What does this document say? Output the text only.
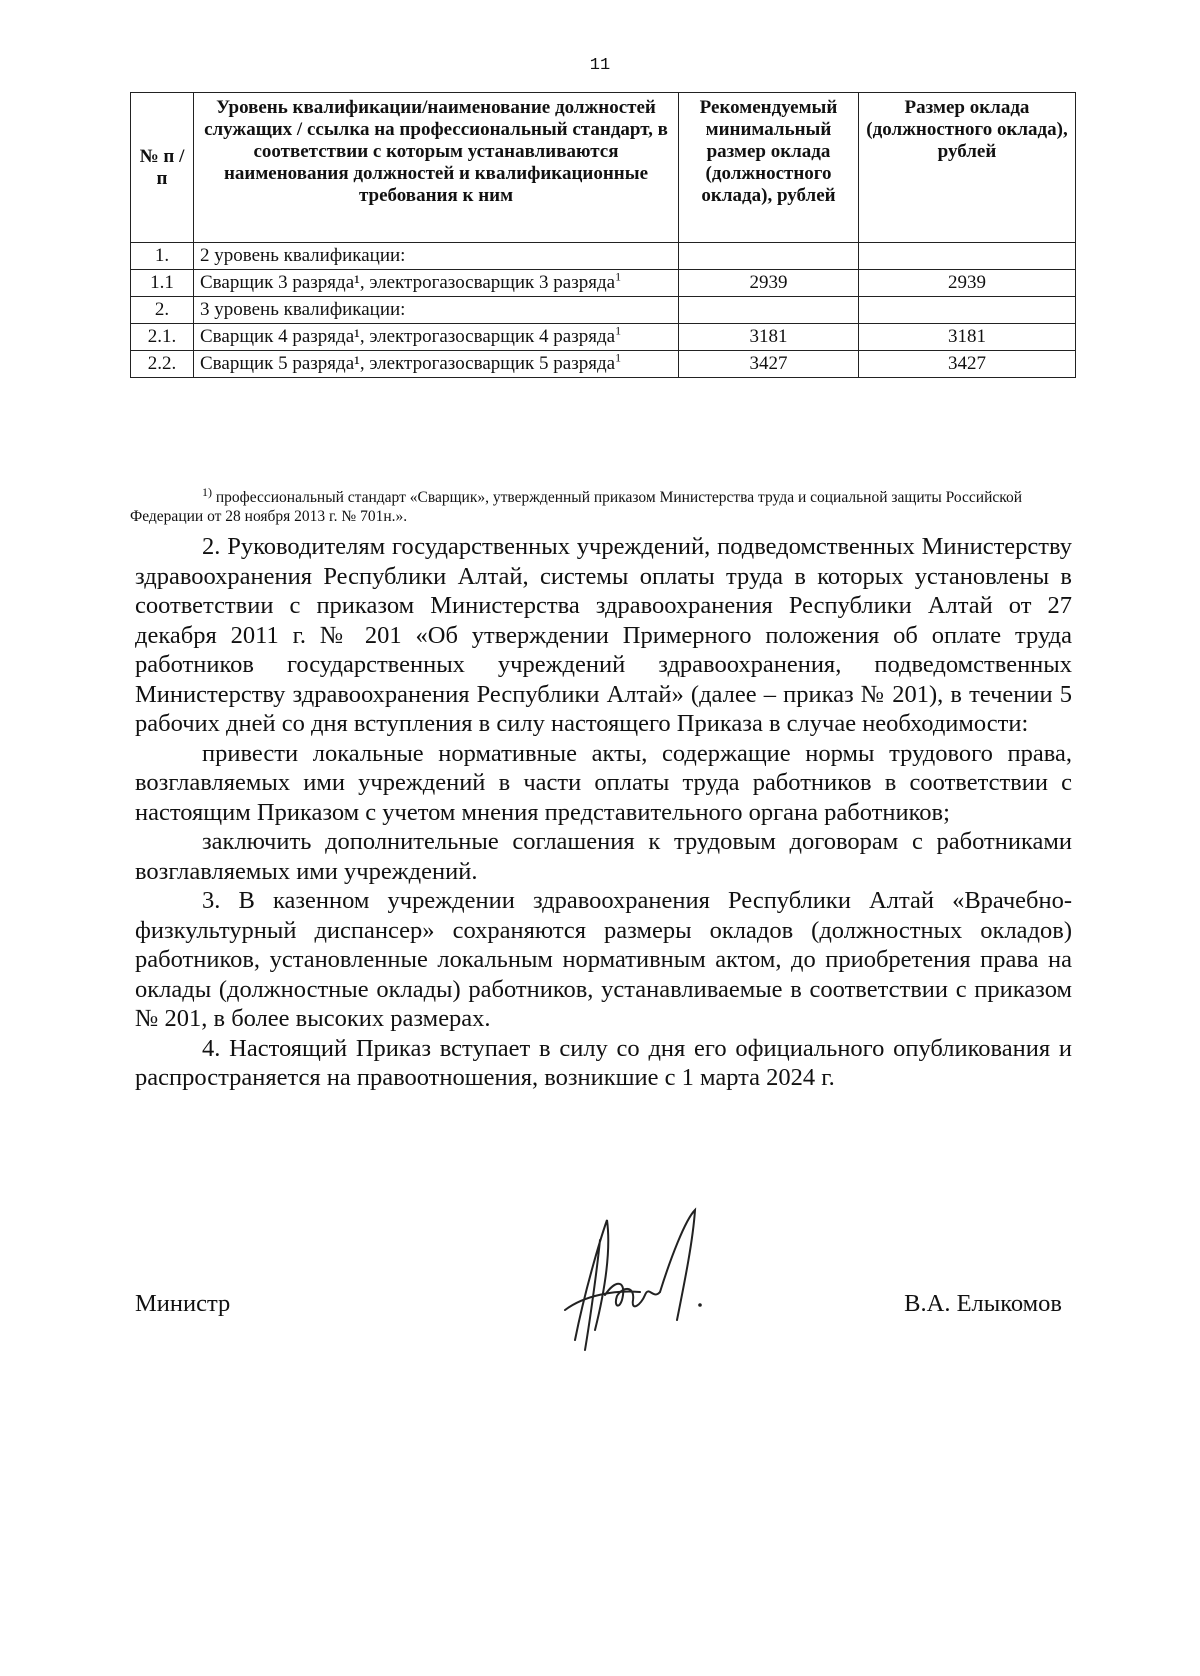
11
№ п /п	Уровень квалификации/наименование должностей служащих / ссылка на профессиональный стандарт, в соответствии с которым устанавливаются наименования должностей и квалификационные требования к ним	Рекомендуемый минимальный размер оклада (должностного оклада), рублей	Размер оклада (должностного оклада), рублей
1.	2 уровень квалификации:		
1.1	Сварщик 3 разряда¹, электрогазосварщик 3 разряда$^1$	2939	2939
2.	3 уровень квалификации:		
2.1.	Сварщик 4 разряда¹, электрогазосварщик 4 разряда$^1$	3181	3181
2.2.	Сварщик 5 разряда¹, электрогазосварщик 5 разряда$^1$	3427	3427
$^{1)}$ профессиональный стандарт «Сварщик», утвержденный приказом Министерства труда и социальной защиты Российской Федерации от 28 ноября 2013 г. № 701н.».

2. Руководителям государственных учреждений, подведомственных Министерству здравоохранения Республики Алтай, системы оплаты труда в которых установлены в соответствии с приказом Министерства здравоохранения Республики Алтай от 27 декабря 2011 г. № 201 «Об утверждении Примерного положения об оплате труда работников государственных учреждений здравоохранения, подведомственных Министерству здравоохранения Республики Алтай» (далее – приказ № 201), в течении 5 рабочих дней со дня вступления в силу настоящего Приказа в случае необходимости:

привести локальные нормативные акты, содержащие нормы трудового права, возглавляемых ими учреждений в части оплаты труда работников в соответствии с настоящим Приказом с учетом мнения представительного органа работников;

заключить дополнительные соглашения к трудовым договорам с работниками возглавляемых ими учреждений.

3. В казенном учреждении здравоохранения Республики Алтай «Врачебно-физкультурный диспансер» сохраняются размеры окладов (должностных окладов) работников, установленные локальным нормативным актом, до приобретения права на оклады (должностные оклады) работников, устанавливаемые в соответствии с приказом № 201, в более высоких размерах.

4. Настоящий Приказ вступает в силу со дня его официального опубликования и распространяется на правоотношения, возникшие с 1 марта 2024 г.

Министр	В.А. Елыкомов
